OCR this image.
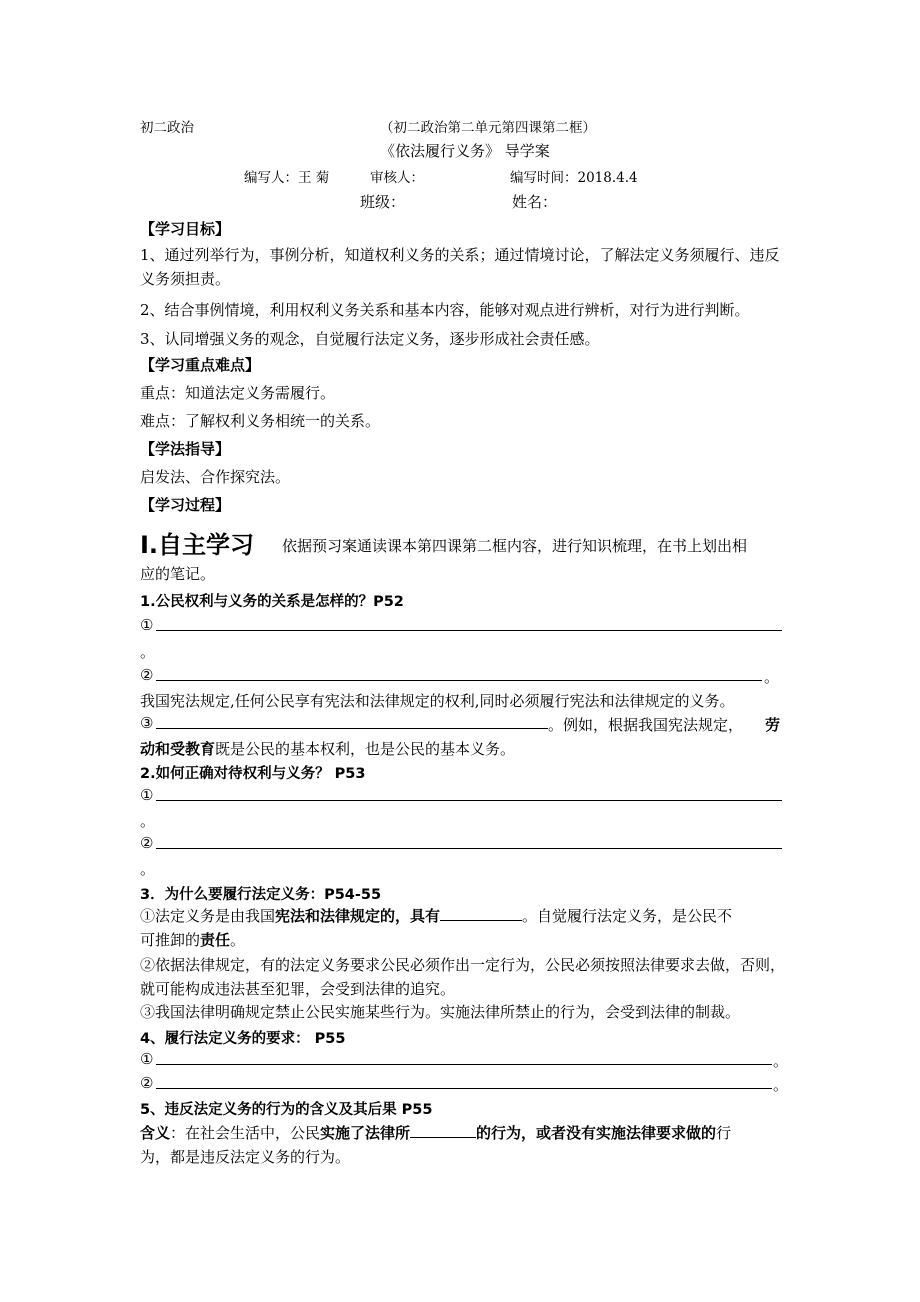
初二政治	（初二政治第二单元第四课第二框）
《依法履行义务》 导学案
编写人：王 菊	审核人：	编写时间：2018.4.4
班级：	姓名：
【学习目标】
1、通过列举行为，事例分析，知道权利义务的关系；通过情境讨论，了解法定义务须履行、违反义务须担责。
2、结合事例情境，利用权利义务关系和基本内容，能够对观点进行辨析，对行为进行判断。
3、认同增强义务的观念，自觉履行法定义务，逐步形成社会责任感。
【学习重点难点】
重点：知道法定义务需履行。
难点：了解权利义务相统一的关系。
【学法指导】
启发法、合作探究法。
【学习过程】
Ⅰ.自主学习 依据预习案通读课本第四课第二框内容，进行知识梳理，在书上划出相
应的笔记。
1.公民权利与义务的关系是怎样的？P52
①
。
②	。
我国宪法规定,任何公民享有宪法和法律规定的权利,同时必须履行宪法和法律规定的义务。
③	。例如，根据我国宪法规定， 劳
动和受教育既是公民的基本权利，也是公民的基本义务。
2.如何正确对待权利与义务？ P53
①
。
②
。
3．为什么要履行法定义务：P54-55
①法定义务是由我国宪法和法律规定的，具有	。自觉履行法定义务，是公民不
可推卸的责任。
②依据法律规定，有的法定义务要求公民必须作出一定行为，公民必须按照法律要求去做，否则，就可能构成违法甚至犯罪，会受到法律的追究。
③我国法律明确规定禁止公民实施某些行为。实施法律所禁止的行为，会受到法律的制裁。
4、履行法定义务的要求： P55
①	。
②	。
5、违反法定义务的行为的含义及其后果 P55
含义：在社会生活中，公民实施了法律所	的行为，或者没有实施法律要求做的行
为，都是违反法定义务的行为。
